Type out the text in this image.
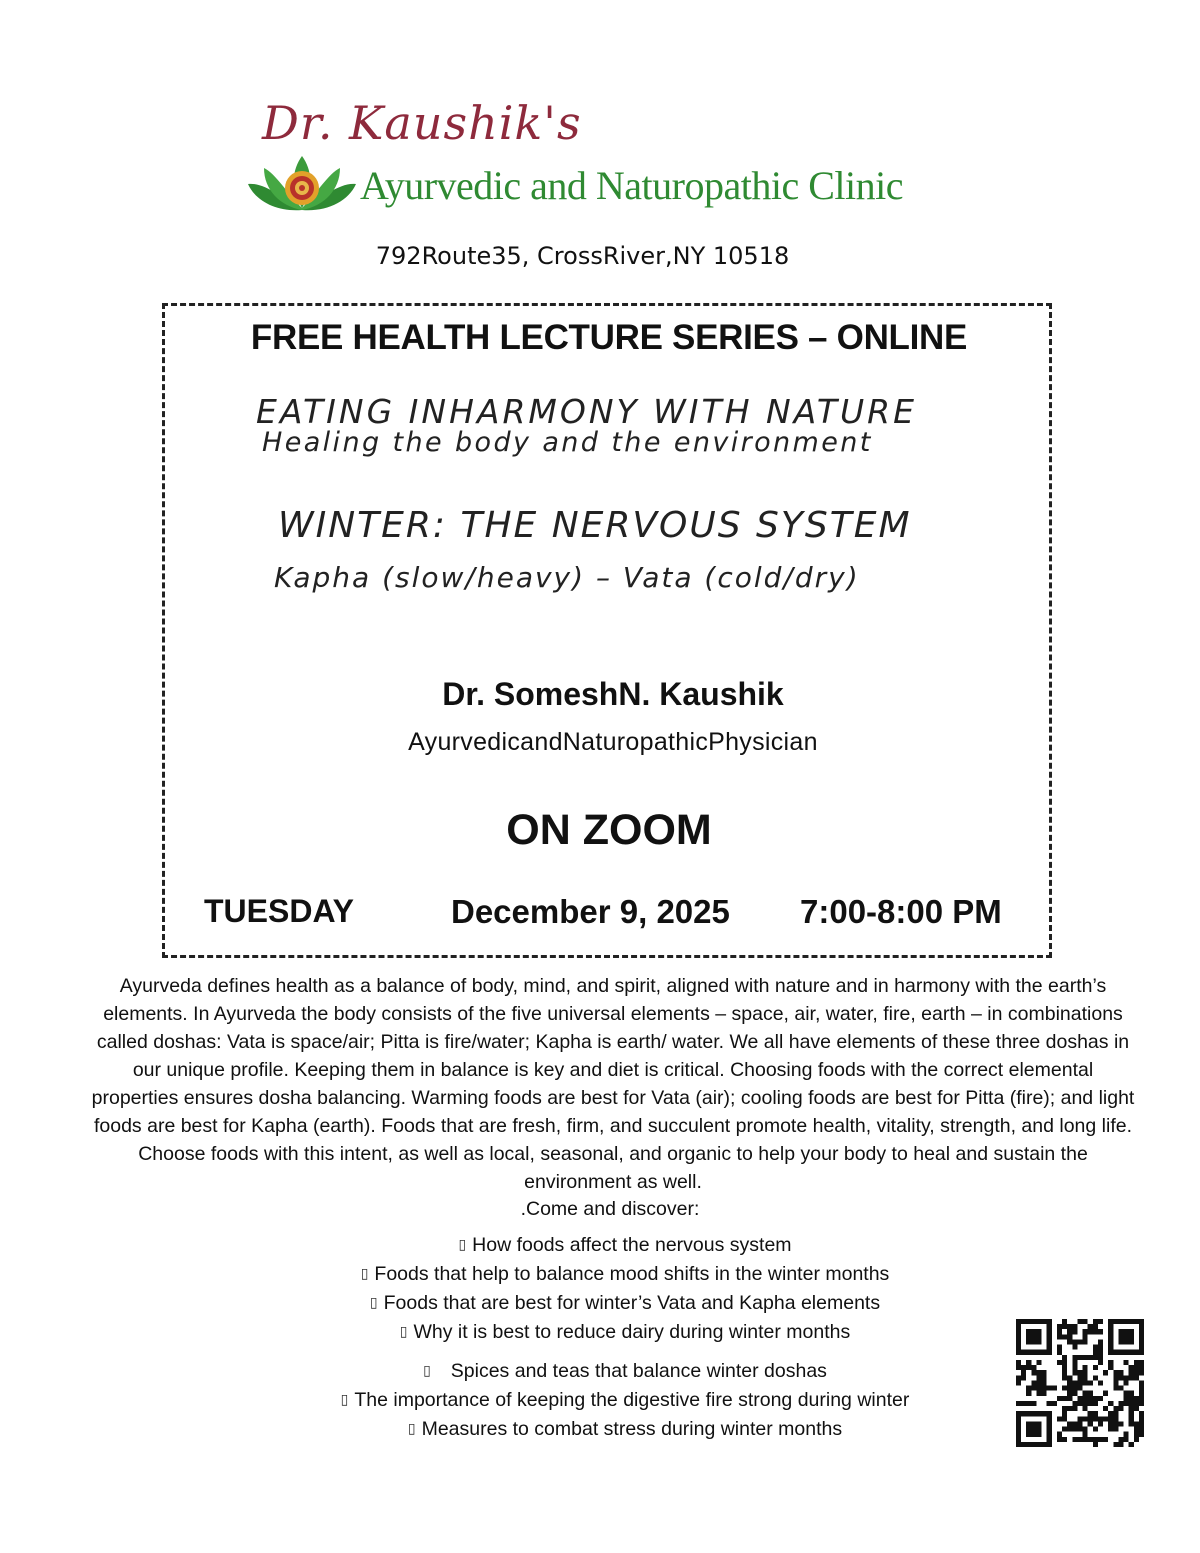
Dr. Kaushik's
Ayurvedic and Naturopathic Clinic
792Route35, CrossRiver,NY 10518
FREE HEALTH LECTURE SERIES – ONLINE
EATING INHARMONY WITH NATURE
Healing the body and the environment
WINTER: THE NERVOUS SYSTEM
Kapha (slow/heavy) – Vata (cold/dry)
Dr. SomeshN. Kaushik
AyurvedicandNaturopathicPhysician
ON ZOOM
TUESDAY	December 9, 2025 7:00-8:00 PM
Ayurveda defines health as a balance of body, mind, and spirit, aligned with nature and in harmony with the earth’s elements. In Ayurveda the body consists of the five universal elements – space, air, water, fire, earth – in combinations called doshas: Vata is space/air; Pitta is fire/water; Kapha is earth/ water. We all have elements of these three doshas in our unique profile. Keeping them in balance is key and diet is critical. Choosing foods with the correct elemental properties ensures dosha balancing. Warming foods are best for Vata (air); cooling foods are best for Pitta (fire); and light foods are best for Kapha (earth). Foods that are fresh, firm, and succulent promote health, vitality, strength, and long life. Choose foods with this intent, as well as local, seasonal, and organic to help your body to heal and sustain the environment as well.
.Come and discover:
▯ How foods affect the nervous system
▯ Foods that help to balance mood shifts in the winter months
▯ Foods that are best for winter’s Vata and Kapha elements
▯ Why it is best to reduce dairy during winter months
▯ Spices and teas that balance winter doshas
▯ The importance of keeping the digestive fire strong during winter
▯ Measures to combat stress during winter months
